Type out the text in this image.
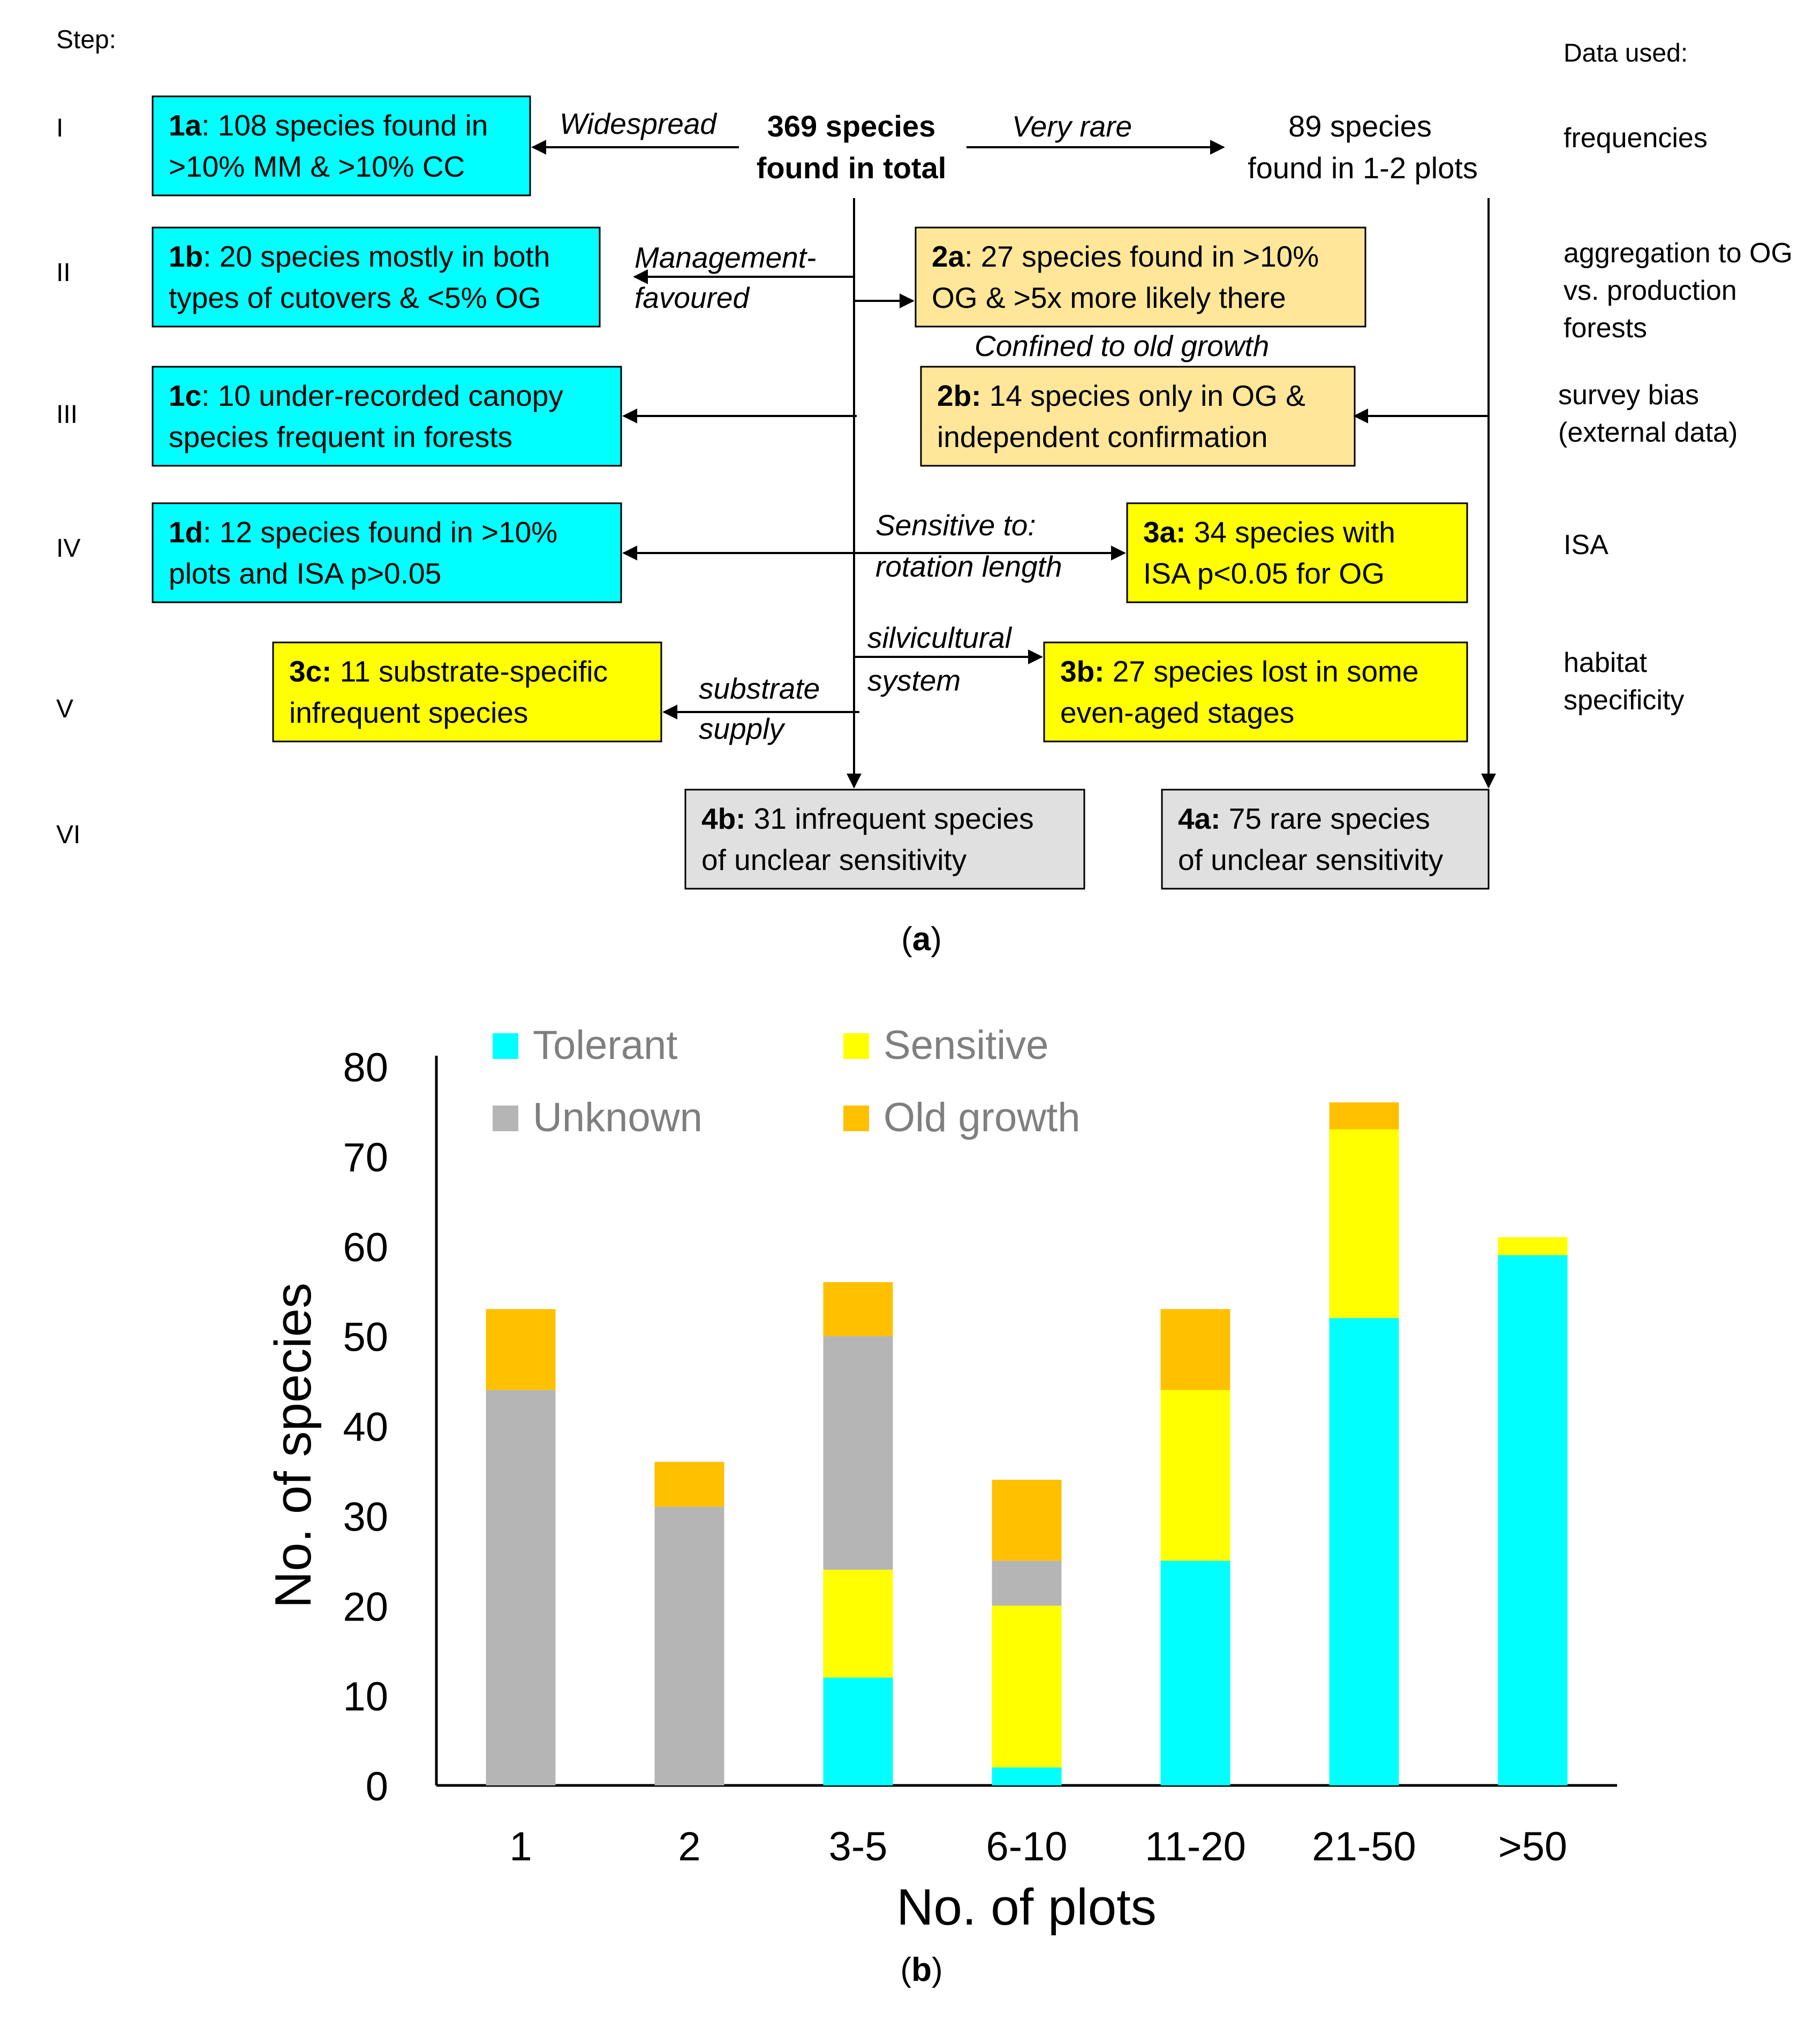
Step:	Data used:
I
II
III
IV
V
VI
frequencies
aggregation to OG
vs. production
forests
survey bias
(external data)
ISA
habitat
specificity
1a: 108 species found in
>10% MM & >10% CC
1b: 20 species mostly in both
types of cutovers & <5% OG
1c: 10 under-recorded canopy
species frequent in forests
1d: 12 species found in >10%
plots and ISA p>0.05
2a: 27 species found in >10%
OG & >5x more likely there
2b: 14 species only in OG &
independent confirmation
3a: 34 species with
ISA p<0.05 for OG
3b: 27 species lost in some
even-aged stages
3c: 11 substrate-specific
infrequent species
4b: 31 infrequent species
of unclear sensitivity
4a: 75 rare species
of unclear sensitivity
369 species
found in total
89 species
found in 1-2 plots
Widespread	Very rare
Management-
favoured
Confined to old growth
Sensitive to:
rotation length
silvicultural
system
substrate
supply
(a)
0
10
20
30
40
50
60
70
80
1	2	3-5 6-10 11-20 21-50 >50
No. of plots
No. of species
Tolerant	Sensitive
Unknown	Old growth
(b)
